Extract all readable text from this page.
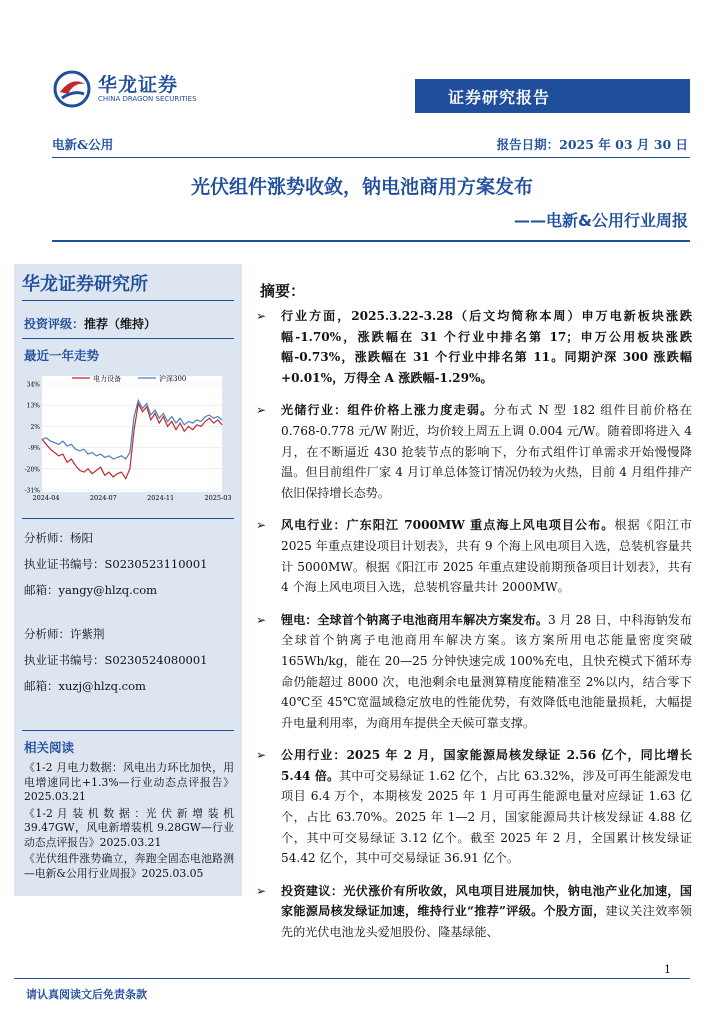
华龙证券
CHINA DRAGON SECURITIES	证券研究报告
电新&公用	报告日期：2025 年 03 月 30 日
光伏组件涨势收敛，钠电池商用方案发布
——电新&公用行业周报
华龙证券研究所
投资评级：推荐（维持）
最近一年走势
34%
13%
2%
-9%
-20%
-31%
2024-04	2024-07	2024-11	2025-03
电力设备	沪深300
分析师：杨阳
执业证书编号：S0230523110001
邮箱：yangy@hlzq.com
分析师：许紫荆
执业证书编号：S0230524080001
邮箱：xuzj@hlzq.com
相关阅读

《1-2 月电力数据：风电出力环比加快，用电增速同比+1.3%—行业动态点评报告》2025.03.21

《1-2 月 装 机 数 据 ：光 伏 新 增 装 机 39.47GW，风电新增装机 9.28GW—行业动态点评报告》2025.03.21

《光伏组件涨势确立，奔跑全固态电池路测—电新&公用行业周报》2025.03.05

摘要：
➢ 行业方面，2025.3.22-3.28（后文均简称本周）申万电新板块涨跌幅-1.70%，涨跌幅在 31 个行业中排名第 17；申万公用板块涨跌幅-0.73%，涨跌幅在 31 个行业中排名第 11。同期沪深 300 涨跌幅+0.01%，万得全 A 涨跌幅-1.29%。
➢ 光储行业：组件价格上涨力度走弱。分布式 N 型 182 组件目前价格在 0.768-0.778 元/W 附近，均价较上周五上调 0.004 元/W。随着即将进入 4 月，在不断逼近 430 抢装节点的影响下，分布式组件订单需求开始慢慢降温。但目前组件厂家 4 月订单总体签订情况仍较为火热，目前 4 月组件排产依旧保持增长态势。
➢ 风电行业：广东阳江 7000MW 重点海上风电项目公布。根据《阳江市 2025 年重点建设项目计划表》，共有 9 个海上风电项目入选，总装机容量共计 5000MW。根据《阳江市 2025 年重点建设前期预备项目计划表》，共有 4 个海上风电项目入选，总装机容量共计 2000MW。
➢ 锂电：全球首个钠离子电池商用车解决方案发布。3 月 28 日，中科海钠发布全球首个钠离子电池商用车解决方案。该方案所用电芯能量密度突破 165Wh/kg，能在 20—25 分钟快速完成 100%充电，且快充模式下循环寿命仍能超过 8000 次，电池剩余电量测算精度能精准至 2%以内，结合零下 40℃至 45℃宽温域稳定放电的性能优势，有效降低电池能量损耗，大幅提升电量利用率，为商用车提供全天候可靠支撑。
➢ 公用行业：2025 年 2 月，国家能源局核发绿证 2.56 亿个，同比增长 5.44 倍。其中可交易绿证 1.62 亿个，占比 63.32%，涉及可再生能源发电项目 6.4 万个，本期核发 2025 年 1 月可再生能源电量对应绿证 1.63 亿个，占比 63.70%。2025 年 1—2 月，国家能源局共计核发绿证 4.88 亿个，其中可交易绿证 3.12 亿个。截至 2025 年 2 月，全国累计核发绿证 54.42 亿个，其中可交易绿证 36.91 亿个。
➢ 投资建议：光伏涨价有所收敛，风电项目进展加快，钠电池产业化加速，国家能源局核发绿证加速，维持行业“推荐”评级。个股方面，建议关注效率领先的光伏电池龙头爱旭股份、隆基绿能、
1
请认真阅读文后免责条款
